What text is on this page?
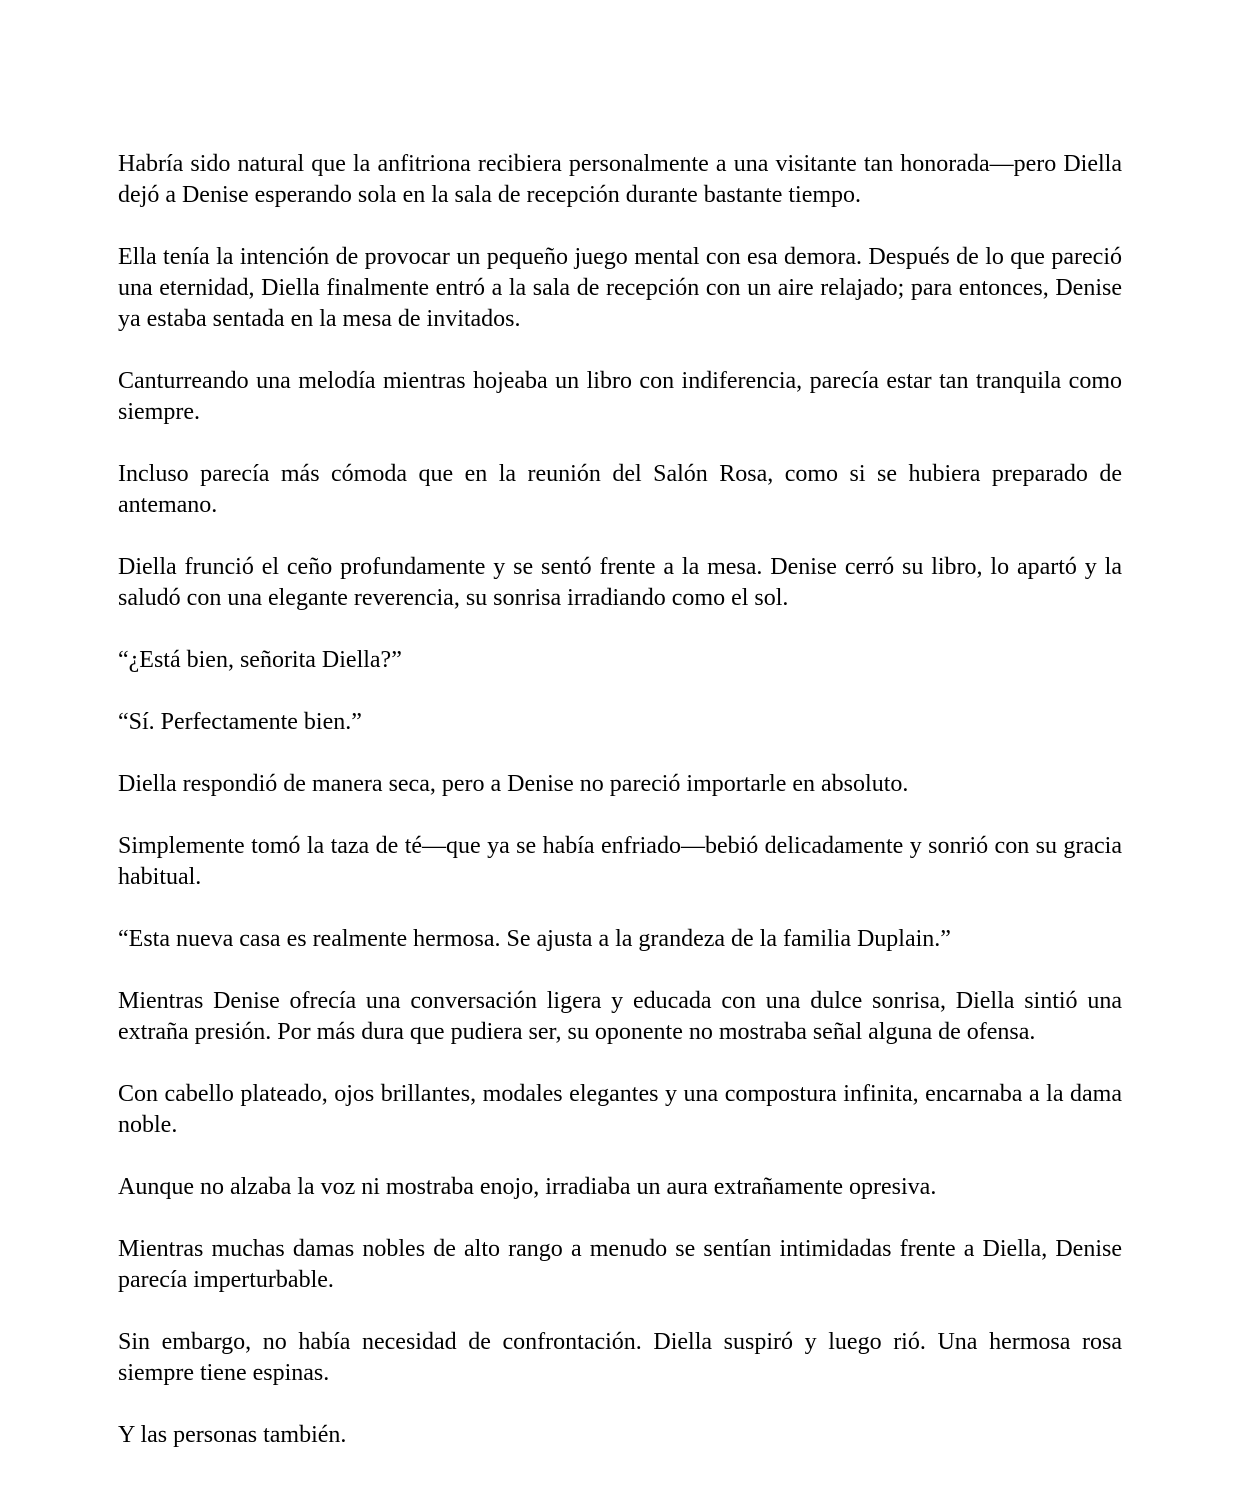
Habría sido natural que la anfitriona recibiera personalmente a una visitante tan honorada—pero Diella dejó a Denise esperando sola en la sala de recepción durante bastante tiempo.

Ella tenía la intención de provocar un pequeño juego mental con esa demora. Después de lo que pareció una eternidad, Diella finalmente entró a la sala de recepción con un aire relajado; para entonces, Denise ya estaba sentada en la mesa de invitados.

Canturreando una melodía mientras hojeaba un libro con indiferencia, parecía estar tan tranquila como siempre.

Incluso parecía más cómoda que en la reunión del Salón Rosa, como si se hubiera preparado de antemano.

Diella frunció el ceño profundamente y se sentó frente a la mesa. Denise cerró su libro, lo apartó y la saludó con una elegante reverencia, su sonrisa irradiando como el sol.

“¿Está bien, señorita Diella?”

“Sí. Perfectamente bien.”

Diella respondió de manera seca, pero a Denise no pareció importarle en absoluto.

Simplemente tomó la taza de té—que ya se había enfriado—bebió delicadamente y sonrió con su gracia habitual.

“Esta nueva casa es realmente hermosa. Se ajusta a la grandeza de la familia Duplain.”

Mientras Denise ofrecía una conversación ligera y educada con una dulce sonrisa, Diella sintió una extraña presión. Por más dura que pudiera ser, su oponente no mostraba señal alguna de ofensa.

Con cabello plateado, ojos brillantes, modales elegantes y una compostura infinita, encarnaba a la dama noble.

Aunque no alzaba la voz ni mostraba enojo, irradiaba un aura extrañamente opresiva.

Mientras muchas damas nobles de alto rango a menudo se sentían intimidadas frente a Diella, Denise parecía imperturbable.

Sin embargo, no había necesidad de confrontación. Diella suspiró y luego rió. Una hermosa rosa siempre tiene espinas.

Y las personas también.
